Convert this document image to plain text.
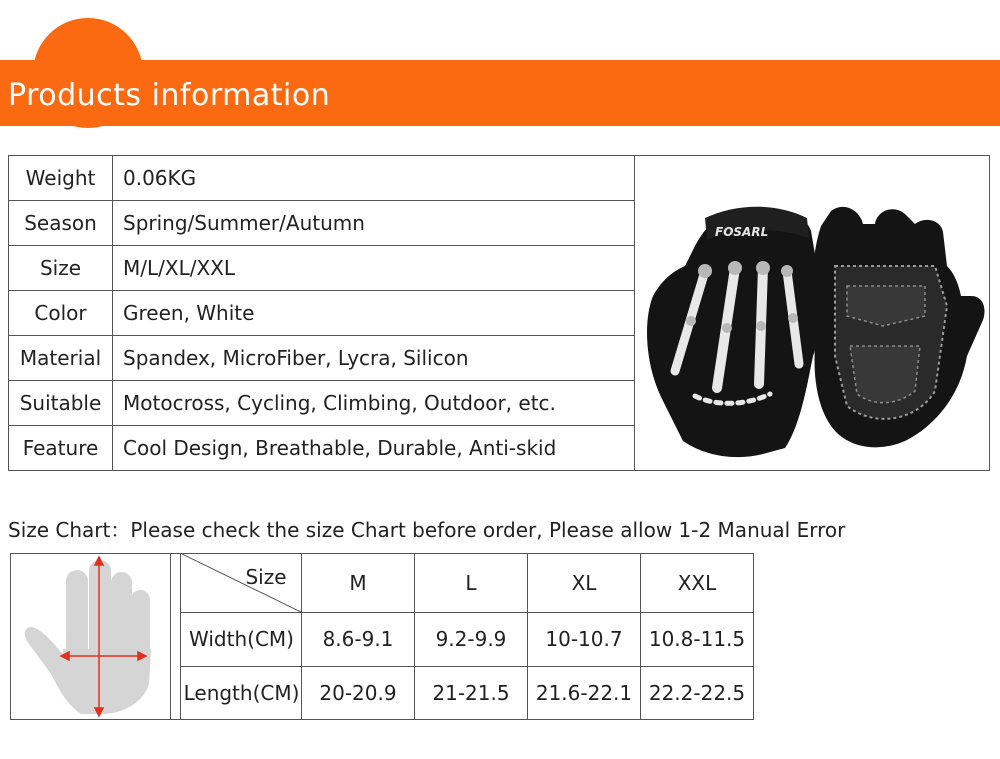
Products information
Weight	0.06KG
Season	Spring/Summer/Autumn
Size	M/L/XL/XXL
Color	Green, White
Material	Spandex, MicroFiber, Lycra, Silicon
Suitable	Motocross, Cycling, Climbing, Outdoor, etc.
Feature	Cool Design, Breathable, Durable, Anti-skid
FOSARL
Size Chart：Please check the size Chart before order, Please allow 1-2 Manual Error
Size	M	L	XL	XXL
Width(CM)	8.6-9.1	9.2-9.9	10-10.7	10.8-11.5
Length(CM) 20-20.9	21-21.5	21.6-22.1 22.2-22.5
